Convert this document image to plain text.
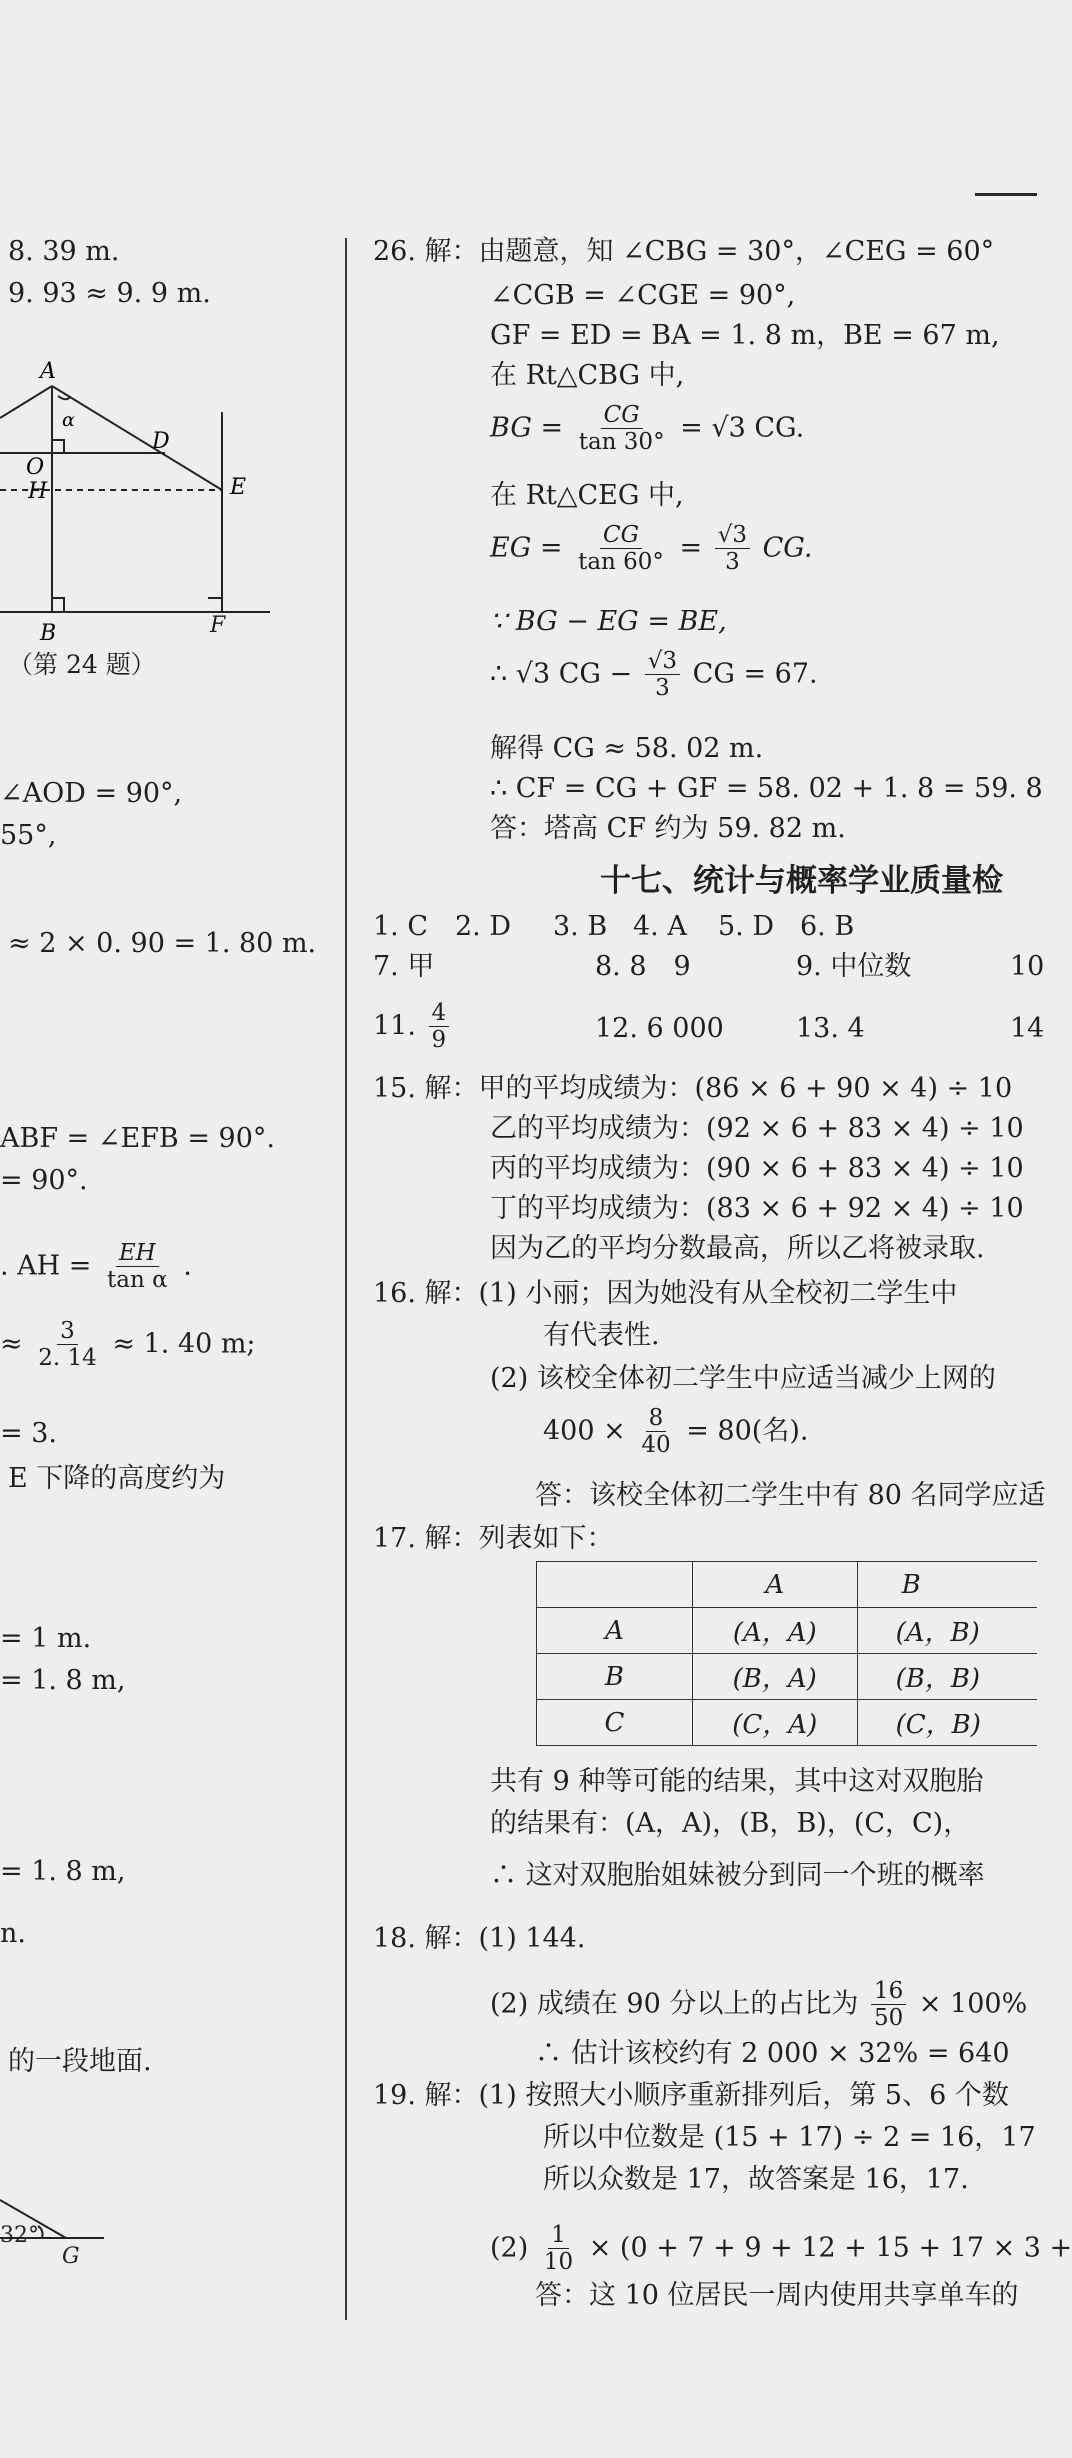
8. 39 m.
9. 93 ≈ 9. 9 m.
A
α
D
O
H	E
B	F
（第 24 题）
∠AOD = 90°,
55°,
≈ 2 × 0. 90 = 1. 80 m.
ABF = ∠EFB = 90°.
= 90°.
. AH = $\frac{EH}{\text{tan α}}$ .
≈ $\frac{3}{2. 14} \approx 1$. 40 m;
= 3.
E 下降的高度约为
= 1 m.
= 1. 8 m,
= 1. 8 m,
n.
的一段地面.
32°
G
26. 解：由题意，知 ∠CBG = 30°，∠CEG = 60°
∠CGB = ∠CGE = 90°,
GF = ED = BA = 1. 8 m，BE = 67 m,
在 Rt△CBG 中,
BG = $\frac{CG}{\tan 30^\circ} = √3$ CG.
在 Rt△CEG 中,
EG = $\frac{CG}{\tan 60^\circ} = \frac{√3}{3}$ CG.
∵ BG − EG = BE,
∴ √3 CG − $\frac{√3}{3}$ CG = 67.
解得 CG ≈ 58. 02 m.
∴ CF = CG + GF = 58. 02 + 1. 8 = 59. 8
答：塔高 CF 约为 59. 82 m.
十七、统计与概率学业质量检
1. C 2. D 3. B 4. A 5. D 6. B
7. 甲	8. 8　9	9. 中位数	10
11. $\frac{4}{9}$	12. 6 000	13. 4	14
15. 解：甲的平均成绩为：(86 × 6 + 90 × 4) ÷ 10
乙的平均成绩为：(92 × 6 + 83 × 4) ÷ 10
丙的平均成绩为：(90 × 6 + 83 × 4) ÷ 10
丁的平均成绩为：(83 × 6 + 92 × 4) ÷ 10
因为乙的平均分数最高，所以乙将被录取.
16. 解：(1) 小丽；因为她没有从全校初二学生中
有代表性.
(2) 该校全体初二学生中应适当减少上网的
$400 \times \frac{8}{40} = 80$(名).
答：该校全体初二学生中有 80 名同学应适
17. 解：列表如下：
	A	B
A	(A，A)	(A，B)
B	(B，A)	(B，B)
C	(C，A)	(C，B)
共有 9 种等可能的结果，其中这对双胞胎
的结果有：(A，A)，(B，B)，(C，C)，
∴ 这对双胞胎姐妹被分到同一个班的概率
18. 解：(1) 144.
(2) 成绩在 90 分以上的占比为 $\frac{16}{50} \times 100\%$
∴ 估计该校约有 2 000 × 32% = 640
19. 解：(1) 按照大小顺序重新排列后，第 5、6 个数
所以中位数是 (15 + 17) ÷ 2 = 16，17
所以众数是 17，故答案是 16，17.
$(2) \frac{1}{10} \times (0 + 7 + 9 + 12 + 15 + 17 \times 3$ +
答：这 10 位居民一周内使用共享单车的
